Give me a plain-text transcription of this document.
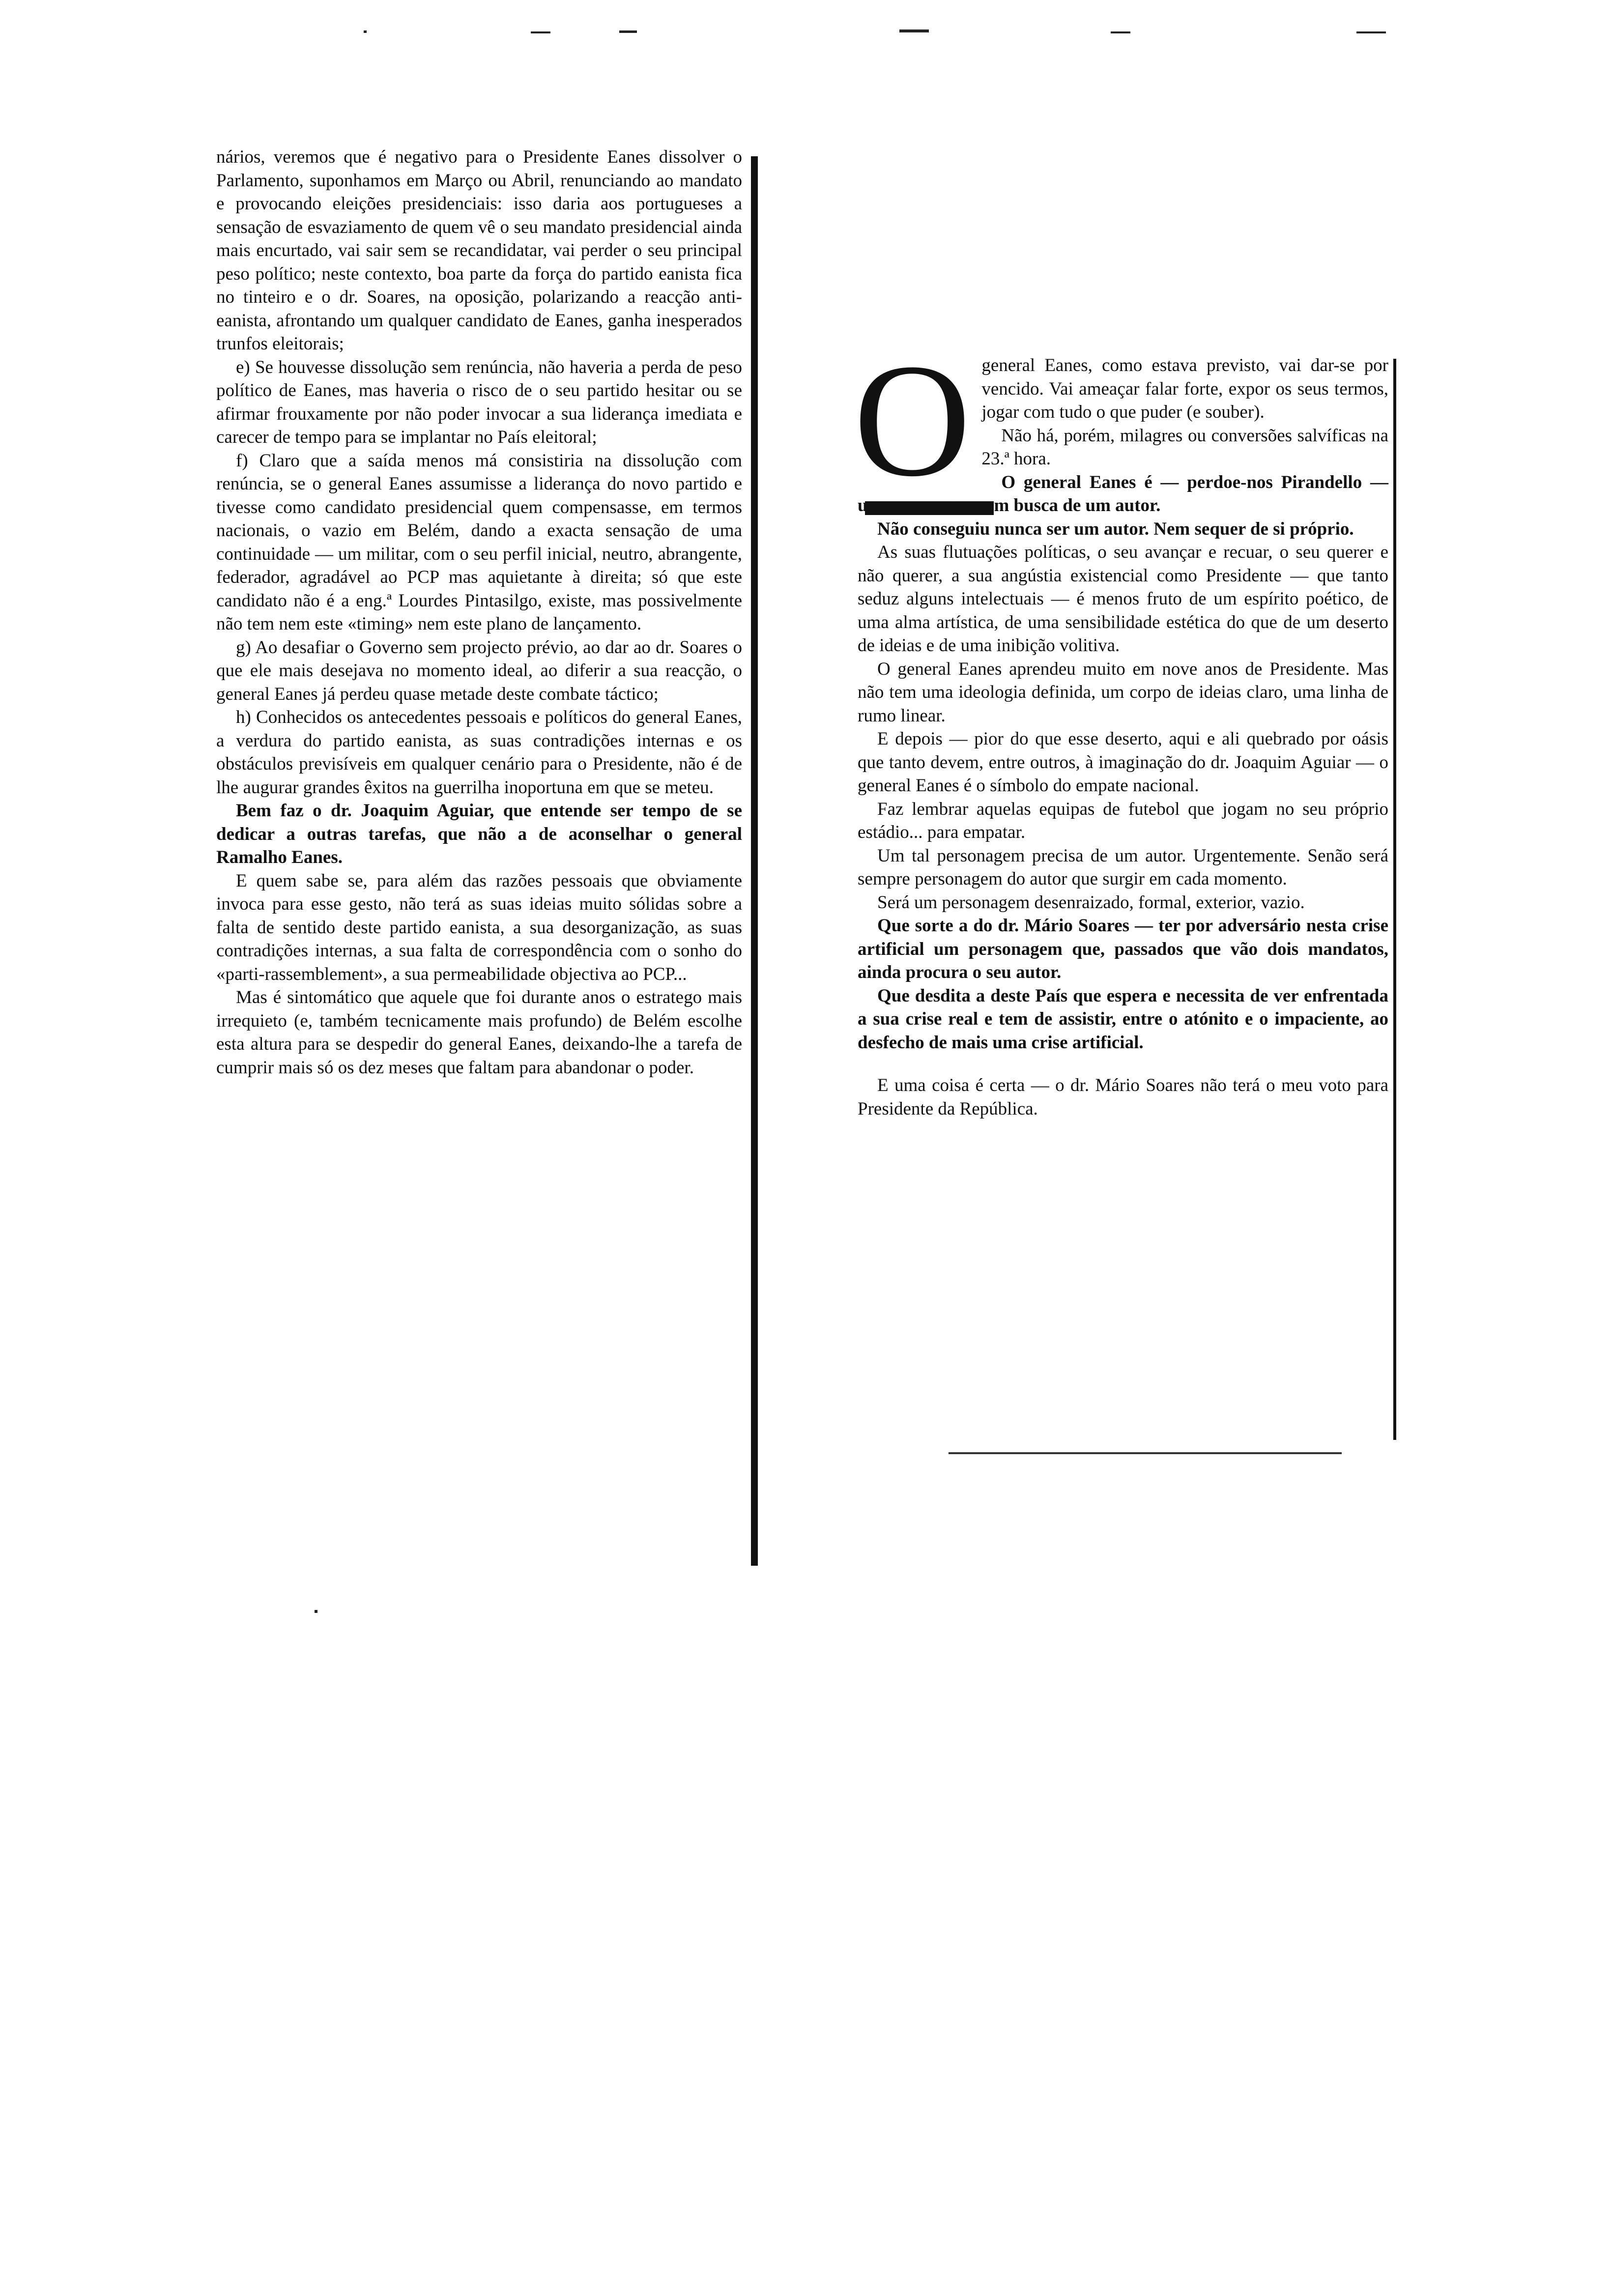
nários, veremos que é negativo para o Presidente Eanes dissolver o Parlamento, suponhamos em Março ou Abril, renunciando ao mandato e provocando eleições presidenciais: isso daria aos portugueses a sensação de esvaziamento de quem vê o seu mandato presidencial ainda mais encurtado, vai sair sem se recandidatar, vai perder o seu principal peso político; neste contexto, boa parte da força do partido eanista fica no tinteiro e o dr. Soares, na oposição, polarizando a reacção anti-eanista, afrontando um qualquer candidato de Eanes, ganha inesperados trunfos eleitorais;

e) Se houvesse dissolução sem renúncia, não haveria a perda de peso político de Eanes, mas haveria o risco de o seu partido hesitar ou se afirmar frouxamente por não poder invocar a sua liderança imediata e carecer de tempo para se implantar no País eleitoral;

f) Claro que a saída menos má consistiria na dissolução com renúncia, se o general Eanes assumisse a liderança do novo partido e tivesse como candidato presidencial quem compensasse, em termos nacionais, o vazio em Belém, dando a exacta sensação de uma continuidade — um militar, com o seu perfil inicial, neutro, abrangente, federador, agradável ao PCP mas aquietante à direita; só que este candidato não é a eng.ª Lourdes Pintasilgo, existe, mas possivelmente não tem nem este «timing» nem este plano de lançamento.

g) Ao desafiar o Governo sem projecto prévio, ao dar ao dr. Soares o que ele mais desejava no momento ideal, ao diferir a sua reacção, o general Eanes já perdeu quase metade deste combate táctico;

h) Conhecidos os antecedentes pessoais e políticos do general Eanes, a verdura do partido eanista, as suas contradições internas e os obstáculos previsíveis em qualquer cenário para o Presidente, não é de lhe augurar grandes êxitos na guerrilha inoportuna em que se meteu.

Bem faz o dr. Joaquim Aguiar, que entende ser tempo de se dedicar a outras tarefas, que não a de aconselhar o general Ramalho Eanes.

E quem sabe se, para além das razões pessoais que obviamente invoca para esse gesto, não terá as suas ideias muito sólidas sobre a falta de sentido deste partido eanista, a sua desorganização, as suas contradições internas, a sua falta de correspondência com o sonho do «parti-rassemblement», a sua permeabilidade objectiva ao PCP...

Mas é sintomático que aquele que foi durante anos o estratego mais irrequieto (e, também tecnicamente mais profundo) de Belém escolhe esta altura para se despedir do general Eanes, deixando-lhe a tarefa de cumprir mais só os dez meses que faltam para abandonar o poder.

O general Eanes, como estava previsto, vai dar-se por vencido. Vai ameaçar falar forte, expor os seus termos, jogar com tudo o que puder (e souber).

Não há, porém, milagres ou conversões salvíficas na 23.ª hora.

O general Eanes é — perdoe-nos Pirandello — um personagem em busca de um autor.

Não conseguiu nunca ser um autor. Nem sequer de si próprio.

As suas flutuações políticas, o seu avançar e recuar, o seu querer e não querer, a sua angústia existencial como Presidente — que tanto seduz alguns intelectuais — é menos fruto de um espírito poético, de uma alma artística, de uma sensibilidade estética do que de um deserto de ideias e de uma inibição volitiva.

O general Eanes aprendeu muito em nove anos de Presidente. Mas não tem uma ideologia definida, um corpo de ideias claro, uma linha de rumo linear.

E depois — pior do que esse deserto, aqui e ali quebrado por oásis que tanto devem, entre outros, à imaginação do dr. Joaquim Aguiar — o general Eanes é o símbolo do empate nacional.

Faz lembrar aquelas equipas de futebol que jogam no seu próprio estádio... para empatar.

Um tal personagem precisa de um autor. Urgentemente. Senão será sempre personagem do autor que surgir em cada momento.

Será um personagem desenraizado, formal, exterior, vazio.

Que sorte a do dr. Mário Soares — ter por adversário nesta crise artificial um personagem que, passados que vão dois mandatos, ainda procura o seu autor.

Que desdita a deste País que espera e necessita de ver enfrentada a sua crise real e tem de assistir, entre o atónito e o impaciente, ao desfecho de mais uma crise artificial.

E uma coisa é certa — o dr. Mário Soares não terá o meu voto para Presidente da República.
